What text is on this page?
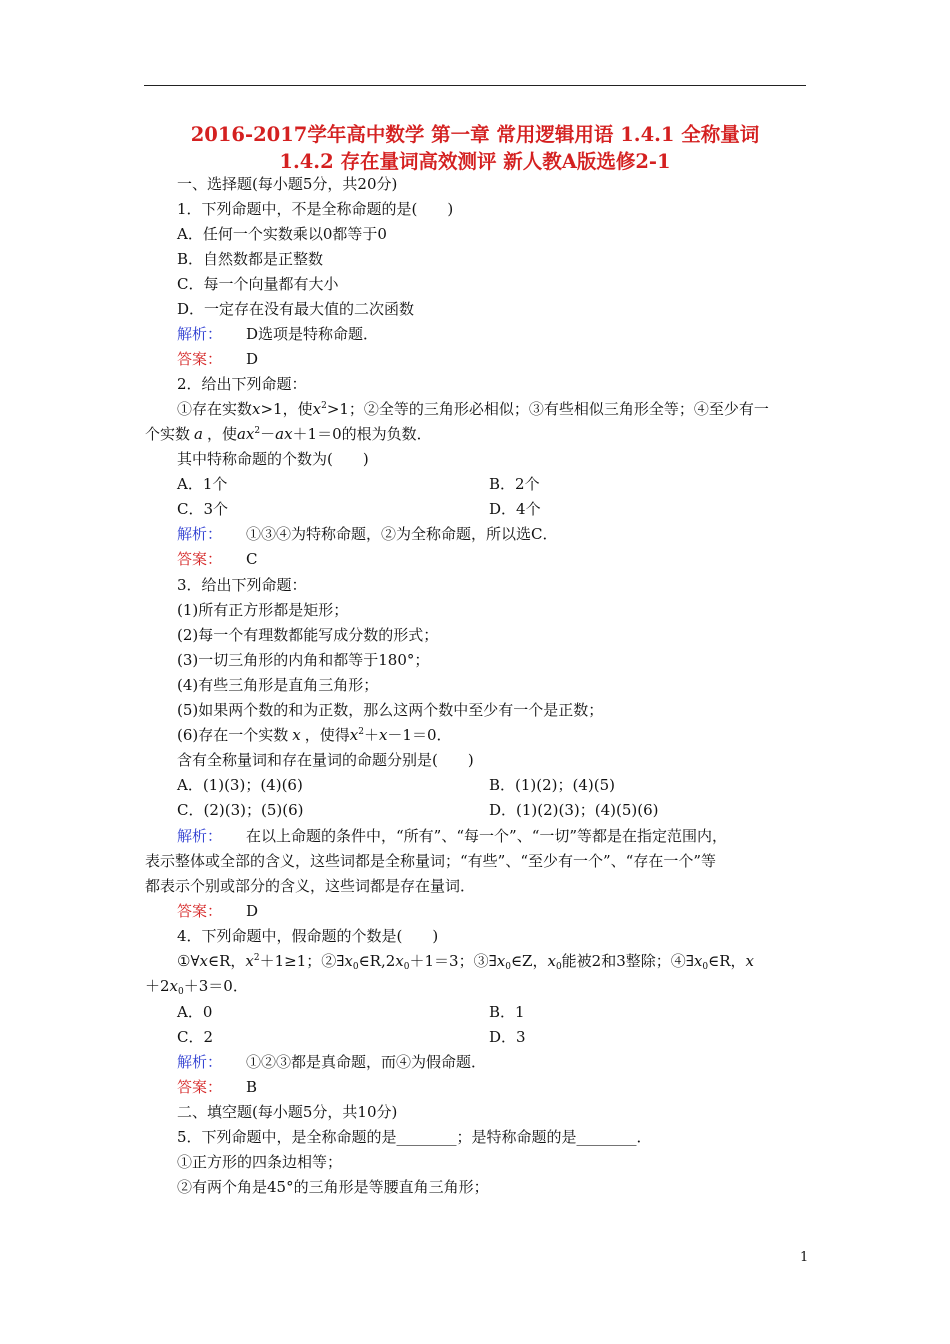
2016-2017学年高中数学 第一章 常用逻辑用语 1.4.1 全称量词
1.4.2 存在量词高效测评 新人教A版选修2-1
一、选择题(每小题5分，共20分)
1．下列命题中，不是全称命题的是(　　)
A．任何一个实数乘以0都等于0
B．自然数都是正整数
C．每一个向量都有大小
D．一定存在没有最大值的二次函数
解析： D选项是特称命题．
答案： D
2．给出下列命题：
①存在实数x>1，使$x^2>1$；②全等的三角形必相似；③有些相似三角形全等；④至少有一
个实数 a ，使$ax^2-ax+1=0$的根为负数．
其中特称命题的个数为(　　)
A．1个	B．2个
C．3个	D．4个
解析： ①③④为特称命题，②为全称命题，所以选C．
答案： C
3．给出下列命题：
(1)所有正方形都是矩形；
(2)每一个有理数都能写成分数的形式；
(3)一切三角形的内角和都等于180°；
(4)有些三角形是直角三角形；
(5)如果两个数的和为正数，那么这两个数中至少有一个是正数；
(6)存在一个实数 x ，使得$x^2+x-1=0$．
含有全称量词和存在量词的命题分别是(　　)
A．(1)(3)；(4)(6)	B．(1)(2)；(4)(5)
C．(2)(3)；(5)(6)	D．(1)(2)(3)；(4)(5)(6)
解析： 在以上命题的条件中，“所有”、“每一个”、“一切”等都是在指定范围内，
表示整体或全部的含义，这些词都是全称量词；“有些”、“至少有一个”、“存在一个”等
都表示个别或部分的含义，这些词都是存在量词．
答案： D
4．下列命题中，假命题的个数是(　　)
①∀x∈R，$x^2+1\ge 1$；$②\exists x_0\in R,2x_0+1=3$；$③\exists x_0\in Z$，$x_0$能被2和3整除；$④\exists x_0\in R$，x
$+2x_0+3=0$．
A．0	B．1
C．2	D．3
解析： ①②③都是真命题，而④为假命题．
答案： B
二、填空题(每小题5分，共10分)
5．下列命题中，是全称命题的是________；是特称命题的是________．
①正方形的四条边相等；
②有两个角是45°的三角形是等腰直角三角形；
1
